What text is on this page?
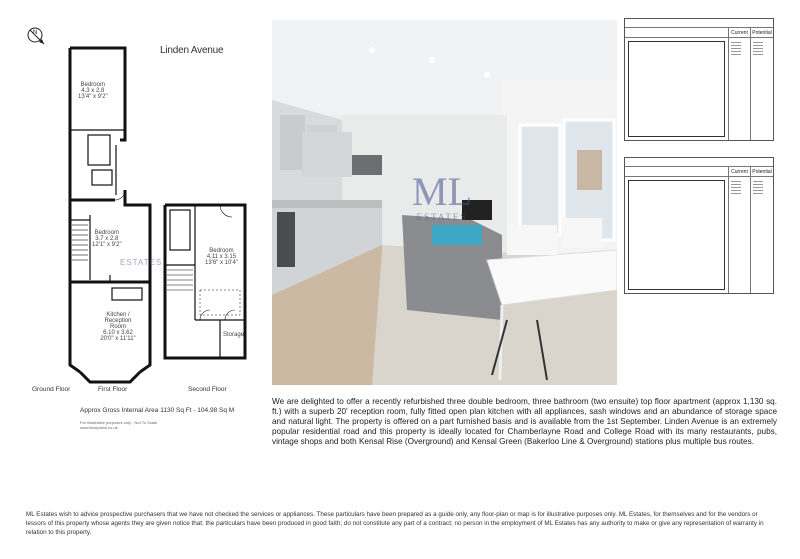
Linden Avenue
N
Bedroom
4.3 x 2.8
13'4" x 9'2"
Bedroom
3.7 x 2.8
12'1" x 9'2"
Kitchen / Reception Room
6.10 x 3.62
20'0" x 11'11"
Bedroom
4.11 x 3.15
13'6" x 10'4"
Storage
ESTATES
Ground Floor	First Floor	Second Floor
Approx Gross Internal Area 1130 Sq Ft - 104.98 Sq M
For illustrative purposes only - Not To Scale
www.floorplans.co.uk
ML
ESTATES
Current Potential
Current Potential
We are delighted to offer a recently refurbished three double bedroom, three bathroom (two ensuite) top floor apartment (approx 1,130 sq. ft.) with a superb 20' reception room, fully fitted open plan kitchen with all appliances, sash windows and an abundance of storage space and natural light. The property is offered on a part furnished basis and is available from the 1st September. Linden Avenue is an extremely popular residential road and this property is ideally located for Chamberlayne Road and College Road with its many restaurants, pubs, vintage shops and both Kensal Rise (Overground) and Kensal Green (Bakerloo Line & Overground) stations plus multiple bus routes.
ML Estates wish to advice prospective purchasers that we have not checked the services or appliances. These particulars have been prepared as a guide only, any floor-plan or map is for illustrative purposes only. ML Estates, for themselves and for the vendors or lessors of this property whose agents they are given notice that: the particulars have been produced in good faith; do not constitute any part of a contract; no person in the employment of ML Estates has any authority to make or give any representation of warranty in relation to this property.
